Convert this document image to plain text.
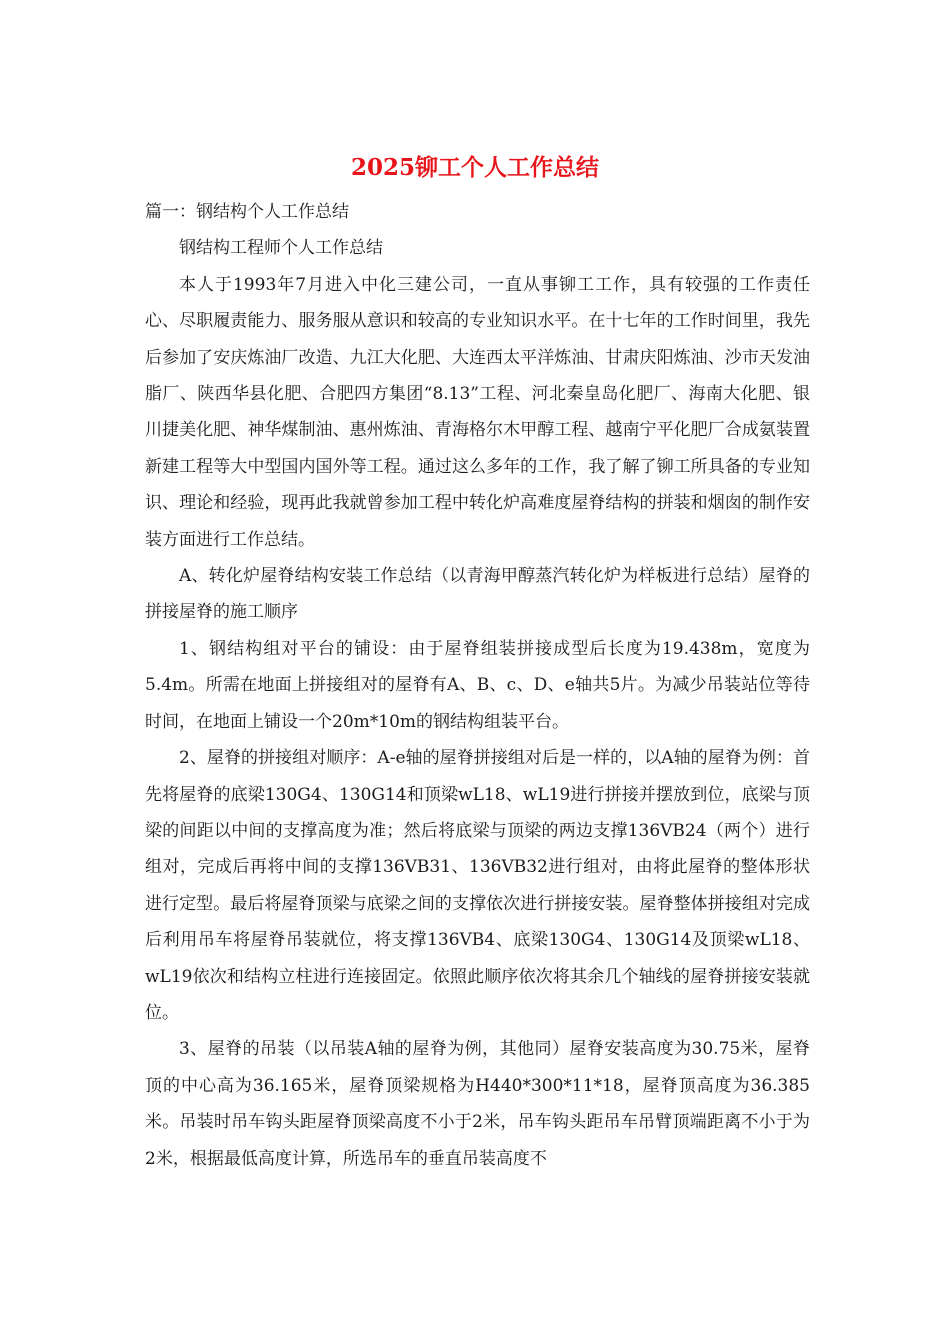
2025铆工个人工作总结

篇一：钢结构个人工作总结

钢结构工程师个人工作总结

本人于1993年7月进入中化三建公司，一直从事铆工工作，具有较强的工作责任心、尽职履责能力、服务服从意识和较高的专业知识水平。在十七年的工作时间里，我先后参加了安庆炼油厂改造、九江大化肥、大连西太平洋炼油、甘肃庆阳炼油、沙市天发油脂厂、陕西华县化肥、合肥四方集团“8.13”工程、河北秦皇岛化肥厂、海南大化肥、银川捷美化肥、神华煤制油、惠州炼油、青海格尔木甲醇工程、越南宁平化肥厂合成氨装置新建工程等大中型国内国外等工程。通过这么多年的工作，我了解了铆工所具备的专业知识、理论和经验，现再此我就曾参加工程中转化炉高难度屋脊结构的拼装和烟囱的制作安装方面进行工作总结。

A、转化炉屋脊结构安装工作总结（以青海甲醇蒸汽转化炉为样板进行总结）屋脊的拼接屋脊的施工顺序

1、钢结构组对平台的铺设：由于屋脊组装拼接成型后长度为19.438m，宽度为5.4m。所需在地面上拼接组对的屋脊有A、B、c、D、e轴共5片。为减少吊装站位等待时间，在地面上铺设一个20m*10m的钢结构组装平台。

2、屋脊的拼接组对顺序：A-e轴的屋脊拼接组对后是一样的，以A轴的屋脊为例：首先将屋脊的底梁130G4、130G14和顶梁wL18、wL19进行拼接并摆放到位，底梁与顶梁的间距以中间的支撑高度为准；然后将底梁与顶梁的两边支撑136VB24（两个）进行组对，完成后再将中间的支撑136VB31、136VB32进行组对，由将此屋脊的整体形状进行定型。最后将屋脊顶梁与底梁之间的支撑依次进行拼接安装。屋脊整体拼接组对完成后利用吊车将屋脊吊装就位，将支撑136VB4、底梁130G4、130G14及顶梁wL18、wL19依次和结构立柱进行连接固定。依照此顺序依次将其余几个轴线的屋脊拼接安装就位。

3、屋脊的吊装（以吊装A轴的屋脊为例，其他同）屋脊安装高度为30.75米，屋脊顶的中心高为36.165米，屋脊顶梁规格为H440*300*11*18，屋脊顶高度为36.385米。吊装时吊车钩头距屋脊顶梁高度不小于2米，吊车钩头距吊车吊臂顶端距离不小于为2米，根据最低高度计算，所选吊车的垂直吊装高度不
